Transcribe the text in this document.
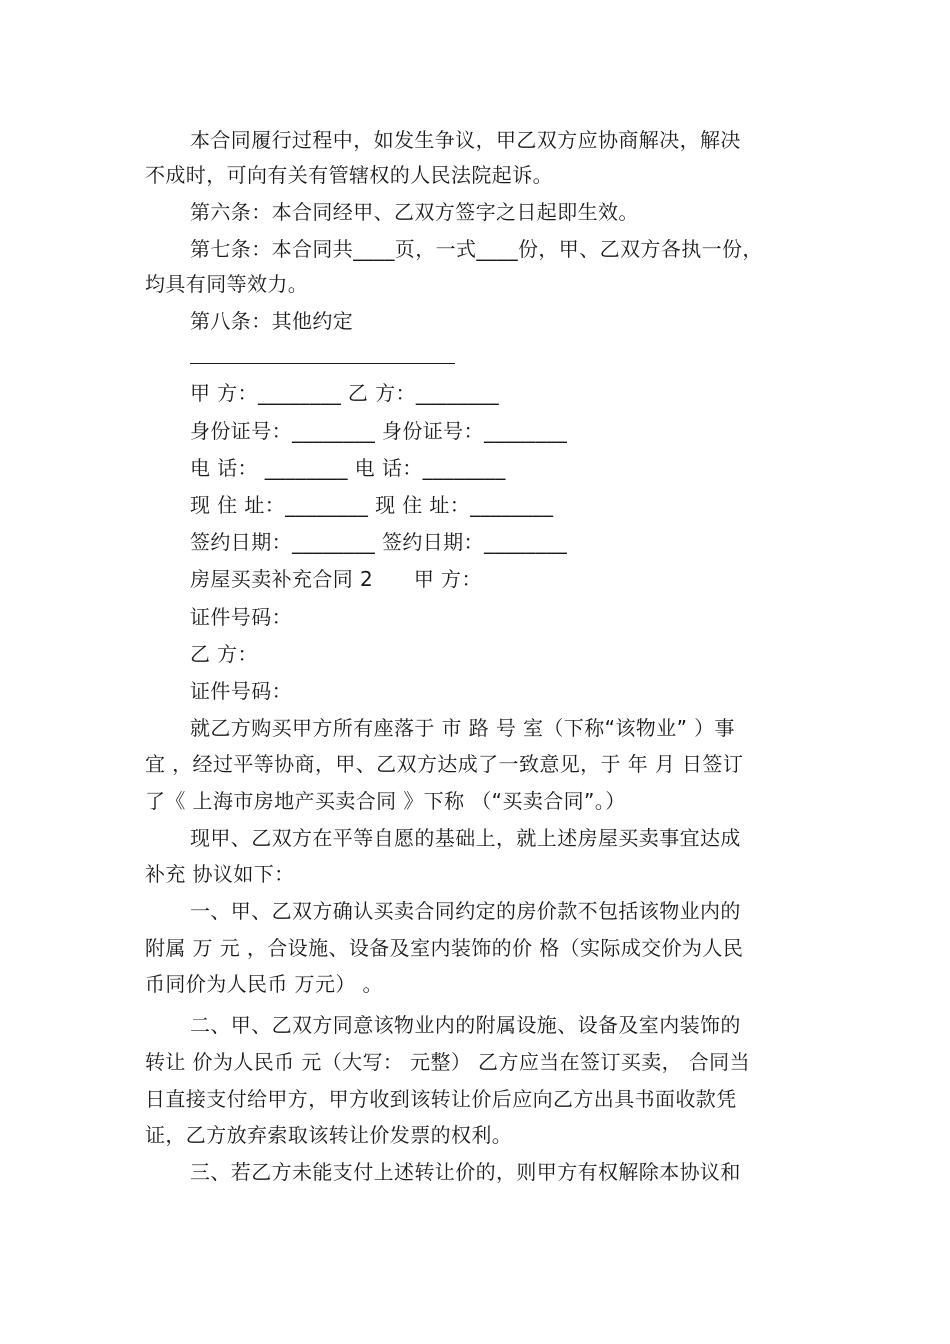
本合同履行过程中，如发生争议，甲乙双方应协商解决，解决
不成时，可向有关有管辖权的人民法院起诉。
第六条：本合同经甲、乙双方签字之日起即生效。
第七条：本合同共____页，一式____份，甲、乙双方各执一份，
均具有同等效力。
第八条：其他约定
甲 方：________ 乙 方：________
身份证号：________ 身份证号：________
电 话： ________ 电 话：________
现 住 址：________ 现 住 址：________
签约日期：________ 签约日期：________
房屋买卖补充合同 2　　甲 方：
证件号码：
乙 方：
证件号码：
就乙方购买甲方所有座落于 市 路 号 室（下称“该物业” ）事
宜 ，经过平等协商，甲、乙双方达成了一致意见，于 年 月 日签订
了《 上海市房地产买卖合同 》下称 （“买卖合同”。）
现甲、乙双方在平等自愿的基础上，就上述房屋买卖事宜达成
补充 协议如下：
一、甲、乙双方确认买卖合同约定的房价款不包括该物业内的
附属 万 元 ，合设施、设备及室内装饰的价 格（实际成交价为人民
币同价为人民币 万元） 。
二、甲、乙双方同意该物业内的附属设施、设备及室内装饰的
转让 价为人民币 元（大写： 元整） 乙方应当在签订买卖， 合同当
日直接支付给甲方，甲方收到该转让价后应向乙方出具书面收款凭
证，乙方放弃索取该转让价发票的权利。
三、若乙方未能支付上述转让价的，则甲方有权解除本协议和
